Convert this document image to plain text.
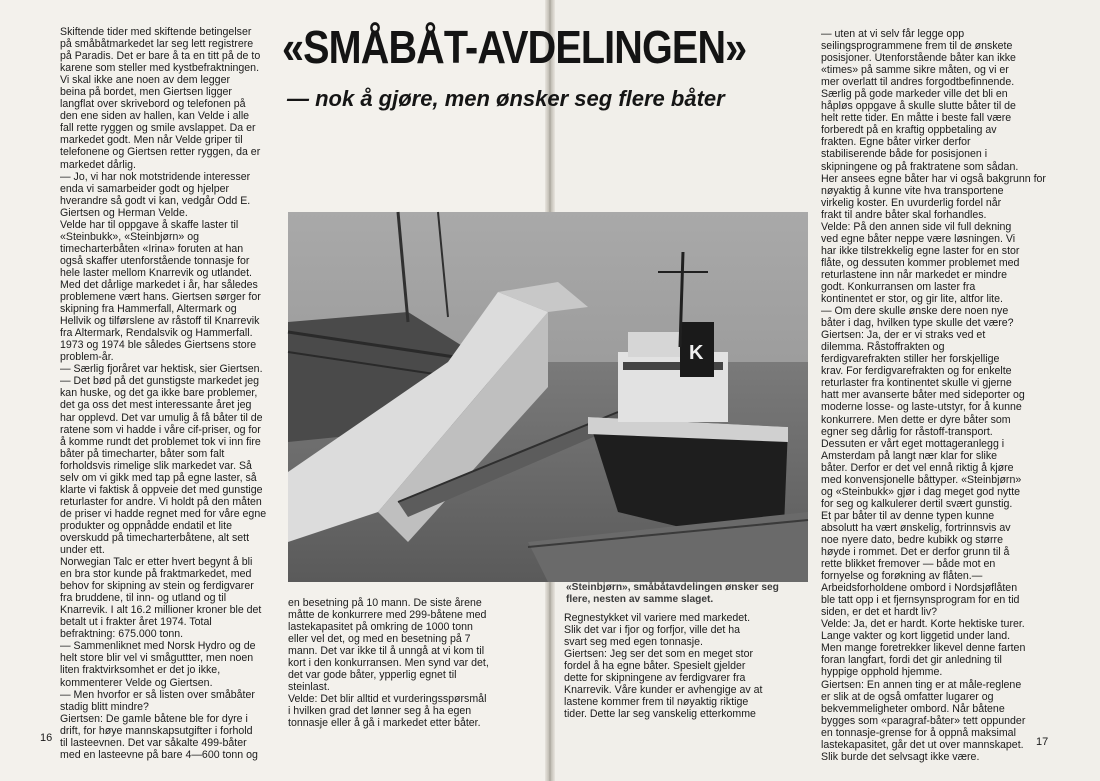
Skiftende tider med skiftende betingelser
på småbåtmarkedet lar seg lett registrere
på Paradis. Det er bare å ta en titt på de to
karene som steller med kystbefraktningen.
Vi skal ikke ane noen av dem legger
beina på bordet, men Giertsen ligger
langflat over skrivebord og telefonen på
den ene siden av hallen, kan Velde i alle
fall rette ryggen og smile avslappet. Da er
markedet godt. Men når Velde griper til
telefonene og Giertsen retter ryggen, da er
markedet dårlig.
— Jo, vi har nok motstridende interesser
enda vi samarbeider godt og hjelper
hverandre så godt vi kan, vedgår Odd E.
Giertsen og Herman Velde.
Velde har til oppgave å skaffe laster til
«Steinbukk», «Steinbjørn» og
timecharterbåten «Irina» foruten at han
også skaffer utenforstående tonnasje for
hele laster mellom Knarrevik og utlandet.
Med det dårlige markedet i år, har således
problemene vært hans. Giertsen sørger for
skipning fra Hammerfall, Altermark og
Hellvik og tilførslene av råstoff til Knarrevik
fra Altermark, Rendalsvik og Hammerfall.
1973 og 1974 ble således Giertsens store
problem-år.
— Særlig fjoråret var hektisk, sier Giertsen.
— Det bød på det gunstigste markedet jeg
kan huske, og det ga ikke bare problemer,
det ga oss det mest interessante året jeg
har opplevd. Det var umulig å få båter til de
ratene som vi hadde i våre cif-priser, og for
å komme rundt det problemet tok vi inn fire
båter på timecharter, båter som falt
forholdsvis rimelige slik markedet var. Så
selv om vi gikk med tap på egne laster, så
klarte vi faktisk å oppveie det med gunstige
returlaster for andre. Vi holdt på den måten
de priser vi hadde regnet med for våre egne
produkter og oppnådde endatil et lite
overskudd på timecharterbåtene, alt sett
under ett.
Norwegian Talc er etter hvert begynt å bli
en bra stor kunde på fraktmarkedet, med
behov for skipning av stein og ferdigvarer
fra bruddene, til inn- og utland og til
Knarrevik. I alt 16.2 millioner kroner ble det
betalt ut i frakter året 1974. Total
befraktning: 675.000 tonn.
— Sammenliknet med Norsk Hydro og de
helt store blir vel vi småguttter, men noen
liten fraktvirksomhet er det jo ikke,
kommenterer Velde og Giertsen.
— Men hvorfor er så listen over småbåter
stadig blitt mindre?
Giertsen: De gamle båtene ble for dyre i
drift, for høye mannskapsutgifter i forhold
til lasteevnen. Det var såkalte 499-båter
med en lasteevne på bare 4—600 tonn og
«SMÅBÅT-AVDELINGEN»
— nok å gjøre, men ønsker seg flere båter
K
«Steinbjørn», småbåtavdelingen ønsker seg
flere, nesten av samme slaget.
en besetning på 10 mann. De siste årene
måtte de konkurrere med 299-båtene med
lastekapasitet på omkring de 1000 tonn
eller vel det, og med en besetning på 7
mann. Det var ikke til å unngå at vi kom til
kort i den konkurransen. Men synd var det,
det var gode båter, ypperlig egnet til
steinlast.
Velde: Det blir alltid et vurderingsspørsmål
i hvilken grad det lønner seg å ha egen
tonnasje eller å gå i markedet etter båter.
Regnestykket vil variere med markedet.
Slik det var i fjor og forfjor, ville det ha
svart seg med egen tonnasje.
Giertsen: Jeg ser det som en meget stor
fordel å ha egne båter. Spesielt gjelder
dette for skipningene av ferdigvarer fra
Knarrevik. Våre kunder er avhengige av at
lastene kommer frem til nøyaktig riktige
tider. Dette lar seg vanskelig etterkomme
— uten at vi selv får legge opp
seilingsprogrammene frem til de ønskete
posisjoner. Utenforstående båter kan ikke
«times» på samme sikre måten, og vi er
mer overlatt til andres forgodtbefinnende.
Særlig på gode markeder ville det bli en
håpløs oppgave å skulle slutte båter til de
helt rette tider. En måtte i beste fall være
forberedt på en kraftig oppbetaling av
frakten. Egne båter virker derfor
stabiliserende både for posisjonen i
skipningene og på fraktratene som sådan.
Her ansees egne båter har vi også bakgrunn for
nøyaktig å kunne vite hva transportene
virkelig koster. En uvurderlig fordel når
frakt til andre båter skal forhandles.
Velde: På den annen side vil full dekning
ved egne båter neppe være løsningen. Vi
har ikke tilstrekkelig egne laster for en stor
flåte, og dessuten kommer problemet med
returlastene inn når markedet er mindre
godt. Konkurransen om laster fra
kontinentet er stor, og gir lite, altfor lite.
— Om dere skulle ønske dere noen nye
båter i dag, hvilken type skulle det være?
Giertsen: Ja, der er vi straks ved et
dilemma. Råstoffrakten og
ferdigvarefrakten stiller her forskjellige
krav. For ferdigvarefrakten og for enkelte
returlaster fra kontinentet skulle vi gjerne
hatt mer avanserte båter med sideporter og
moderne losse- og laste-utstyr, for å kunne
konkurrere. Men dette er dyre båter som
egner seg dårlig for råstoff-transport.
Dessuten er vårt eget mottageranlegg i
Amsterdam på langt nær klar for slike
båter. Derfor er det vel ennå riktig å kjøre
med konvensjonelle båttyper. «Steinbjørn»
og «Steinbukk» gjør i dag meget god nytte
for seg og kalkulerer dertil svært gunstig.
Et par båter til av denne typen kunne
absolutt ha vært ønskelig, fortrinnsvis av
noe nyere dato, bedre kubikk og større
høyde i rommet. Det er derfor grunn til å
rette blikket fremover — både mot en
fornyelse og forøkning av flåten.—
Arbeidsforholdene ombord i Nordsjøflåten
ble tatt opp i et fjernsynsprogram for en tid
siden, er det et hardt liv?
Velde: Ja, det er hardt. Korte hektiske turer.
Lange vakter og kort liggetid under land.
Men mange foretrekker likevel denne farten
foran langfart, fordi det gir anledning til
hyppige opphold hjemme.
Giertsen: En annen ting er at måle-reglene
er slik at de også omfatter lugarer og
bekvemmeligheter ombord. Når båtene
bygges som «paragraf-båter» tett oppunder
en tonnasje-grense for å oppnå maksimal
lastekapasitet, går det ut over mannskapet.
Slik burde det selvsagt ikke være.
16	17
